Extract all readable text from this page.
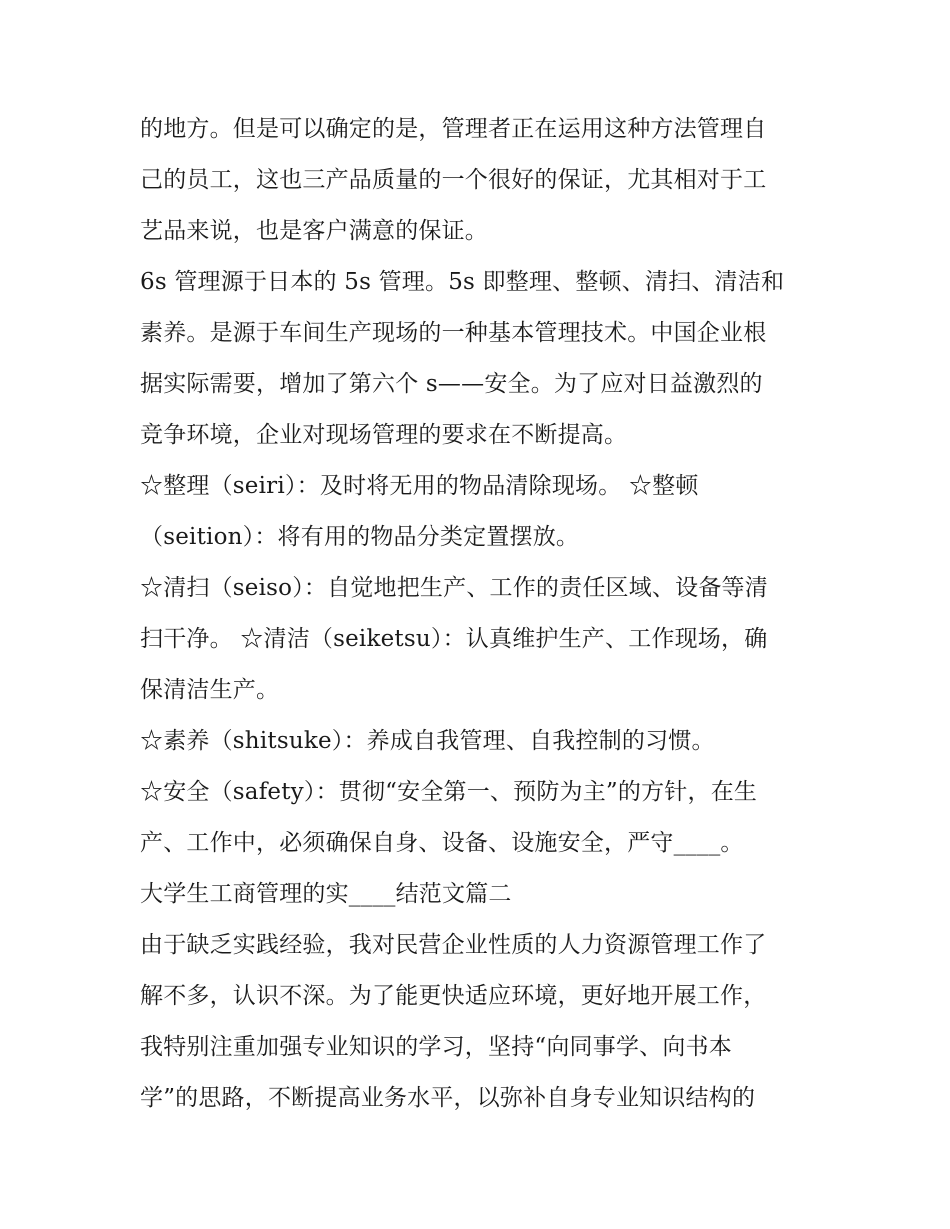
的地方。但是可以确定的是，管理者正在运用这种方法管理自
己的员工，这也三产品质量的一个很好的保证，尤其相对于工
艺品来说，也是客户满意的保证。
6s 管理源于日本的 5s 管理。5s 即整理、整顿、清扫、清洁和
素养。是源于车间生产现场的一种基本管理技术。中国企业根
据实际需要，增加了第六个 s——安全。为了应对日益激烈的
竞争环境，企业对现场管理的要求在不断提高。
☆整理（seiri）：及时将无用的物品清除现场。 ☆整顿
（seition）：将有用的物品分类定置摆放。
☆清扫（seiso）：自觉地把生产、工作的责任区域、设备等清
扫干净。 ☆清洁（seiketsu）：认真维护生产、工作现场，确
保清洁生产。
☆素养（shitsuke）：养成自我管理、自我控制的习惯。
☆安全（safety）：贯彻“安全第一、预防为主”的方针，在生
产、工作中，必须确保自身、设备、设施安全，严守____。
大学生工商管理的实____结范文篇二
由于缺乏实践经验，我对民营企业性质的人力资源管理工作了
解不多，认识不深。为了能更快适应环境，更好地开展工作，
我特别注重加强专业知识的学习，坚持“向同事学、向书本
学”的思路，不断提高业务水平，以弥补自身专业知识结构的
